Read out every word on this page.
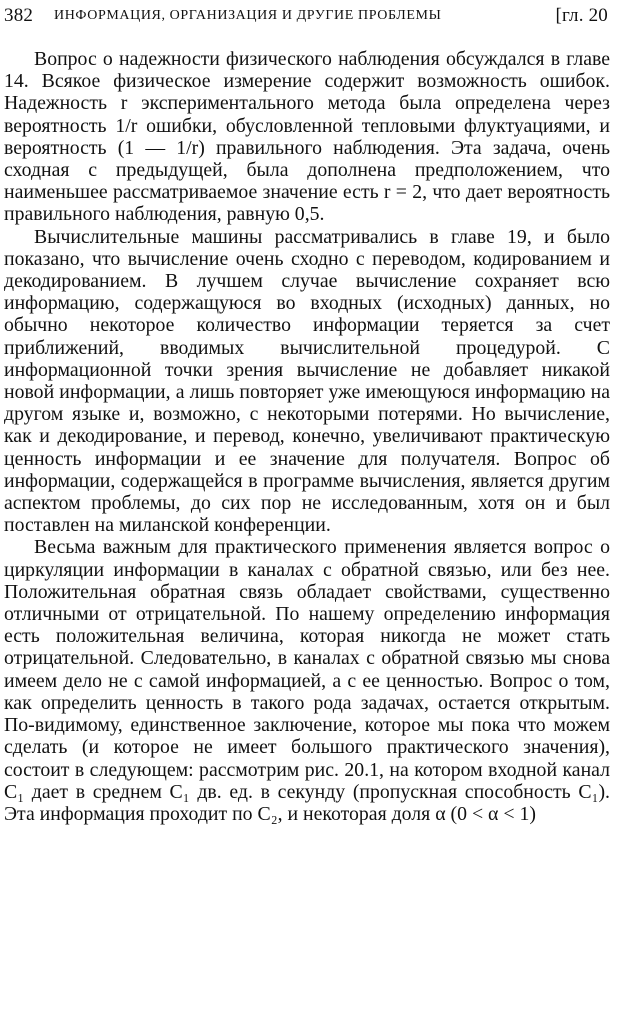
382 ИНФОРМАЦИЯ, ОРГАНИЗАЦИЯ И ДРУГИЕ ПРОБЛЕМЫ	[гл. 20

Вопрос о надежности физического наблюдения обсуждался в главе 14. Всякое физическое измерение содержит возможность ошибок. Надежность r экспериментального метода была определена через вероятность 1/r ошибки, обусловленной тепловыми флуктуациями, и вероятность (1 — 1/r) правильного наблюдения. Эта задача, очень сходная с предыдущей, была дополнена предположением, что наименьшее рассматриваемое значение есть r = 2, что дает вероятность правильного наблюдения, равную 0,5.

Вычислительные машины рассматривались в главе 19, и было показано, что вычисление очень сходно с переводом, кодированием и декодированием. В лучшем случае вычисление сохраняет всю информацию, содержащуюся во входных (исходных) данных, но обычно некоторое количество информации теряется за счет приближений, вводимых вычислительной процедурой. С информационной точки зрения вычисление не добавляет никакой новой информации, а лишь повторяет уже имеющуюся информацию на другом языке и, возможно, с некоторыми потерями. Но вычисление, как и декодирование, и перевод, конечно, увеличивают практическую ценность информации и ее значение для получателя. Вопрос об информации, содержащейся в программе вычисления, является другим аспектом проблемы, до сих пор не исследованным, хотя он и был поставлен на миланской конференции.

Весьма важным для практического применения является вопрос о циркуляции информации в каналах с обратной связью, или без нее. Положительная обратная связь обладает свойствами, существенно отличными от отрицательной. По нашему определению информация есть положительная величина, которая никогда не может стать отрицательной. Следовательно, в каналах с обратной связью мы снова имеем дело не с самой информацией, а с ее ценностью. Вопрос о том, как определить ценность в такого рода задачах, остается открытым. По-видимому, единственное заключение, которое мы пока что можем сделать (и которое не имеет большого практического значения), состоит в следующем: рассмотрим рис. 20.1, на котором входной канал C₁ дает в среднем C₁ дв. ед. в секунду (пропускная способность C₁). Эта информация проходит по C₂, и некоторая доля α (0 < α < 1)
